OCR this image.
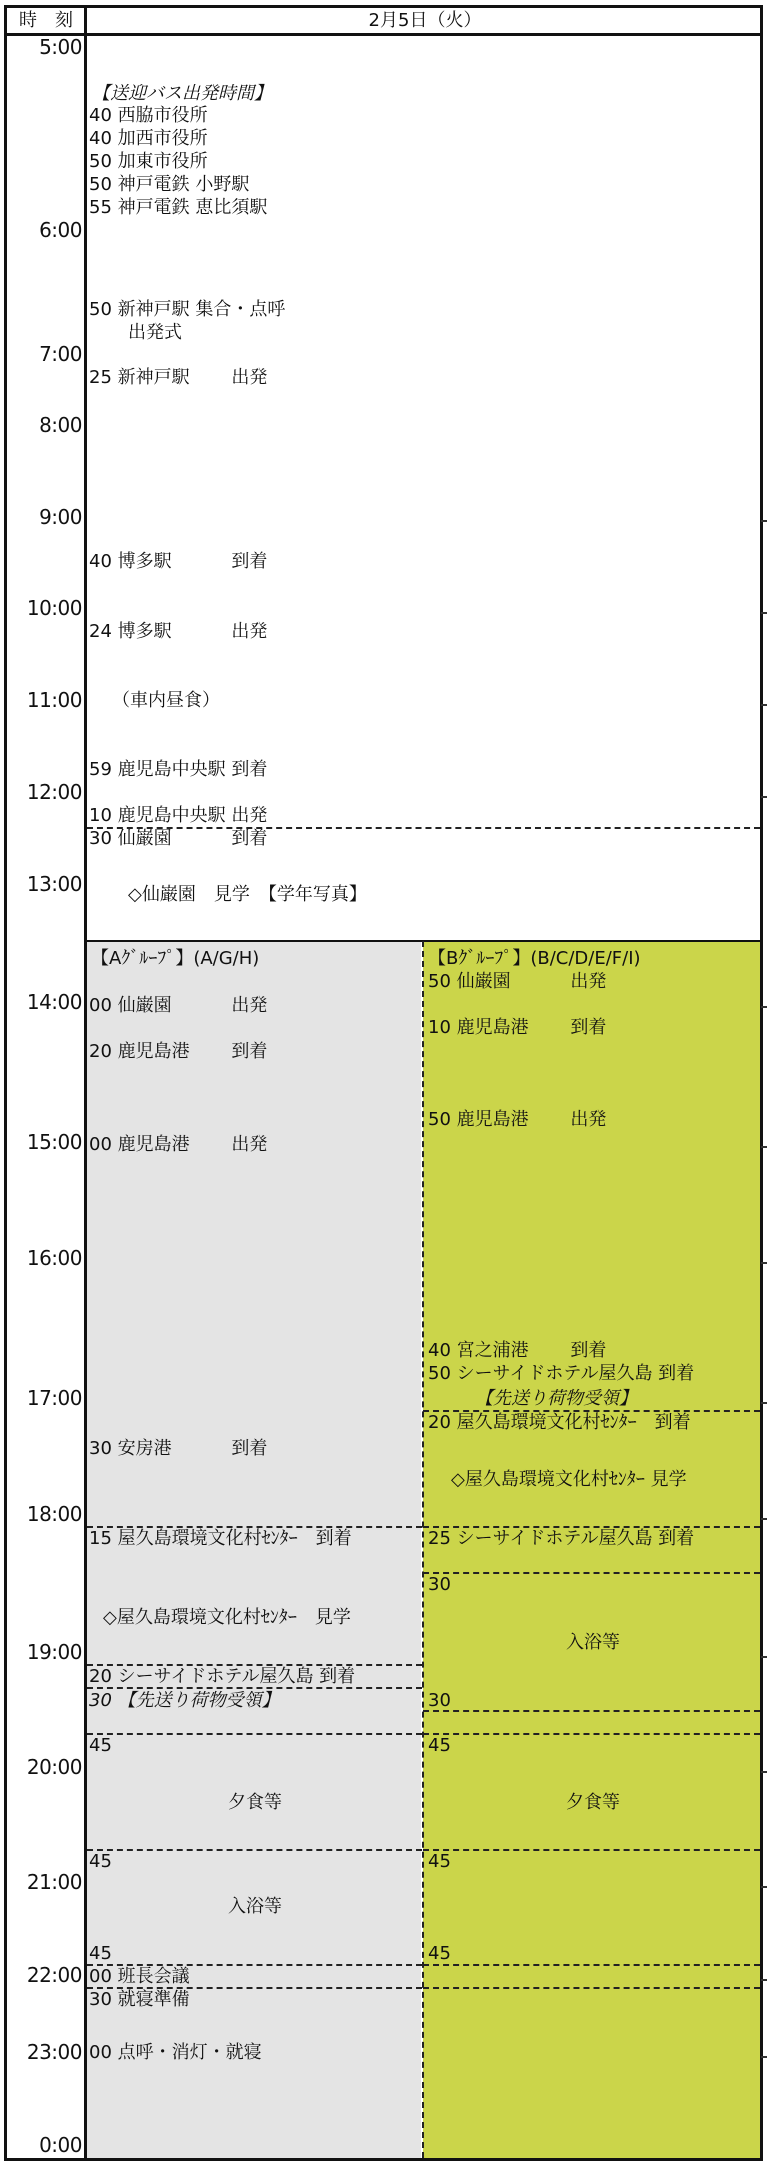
時　刻	2月5日（火）
5:00
6:00
7:00
8:00
9:00
10:00
11:00
12:00
13:00
14:00
15:00
16:00
17:00
18:00
19:00
20:00
21:00
22:00
23:00
0:00
【送迎バス出発時間】
40 西脇市役所
40 加西市役所
50 加東市役所
50 神戸電鉄 小野駅
55 神戸電鉄 恵比須駅
50 新神戸駅 集合・点呼
出発式
25 新神戸駅　　 出発
40 博多駅　　　 到着
24 博多駅　　　 出発
（車内昼食）
59 鹿児島中央駅 到着
10 鹿児島中央駅 出発
30 仙巌園　　　 到着
◇仙巌園　見学　【学年写真】
【Aｸﾞﾙｰﾌﾟ】(A/G/H)
00 仙巌園　　　 出発
20 鹿児島港　　 到着
00 鹿児島港　　 出発
30 安房港　　　 到着
15 屋久島環境文化村ｾﾝﾀｰ　到着
◇屋久島環境文化村ｾﾝﾀｰ　見学
20 シーサイドホテル屋久島 到着
30 【先送り荷物受領】
45
夕食等
45
入浴等
45
00 班長会議
30 就寝準備
00 点呼・消灯・就寝
【Bｸﾞﾙｰﾌﾟ】(B/C/D/E/F/I)
50 仙巌園　　　 出発
10 鹿児島港　　 到着
50 鹿児島港　　 出発
40 宮之浦港　　 到着
50 シーサイドホテル屋久島 到着
【先送り荷物受領】
20 屋久島環境文化村ｾﾝﾀｰ　到着
◇屋久島環境文化村ｾﾝﾀｰ 見学
25 シーサイドホテル屋久島 到着
30
入浴等
30
45
夕食等
45
45
